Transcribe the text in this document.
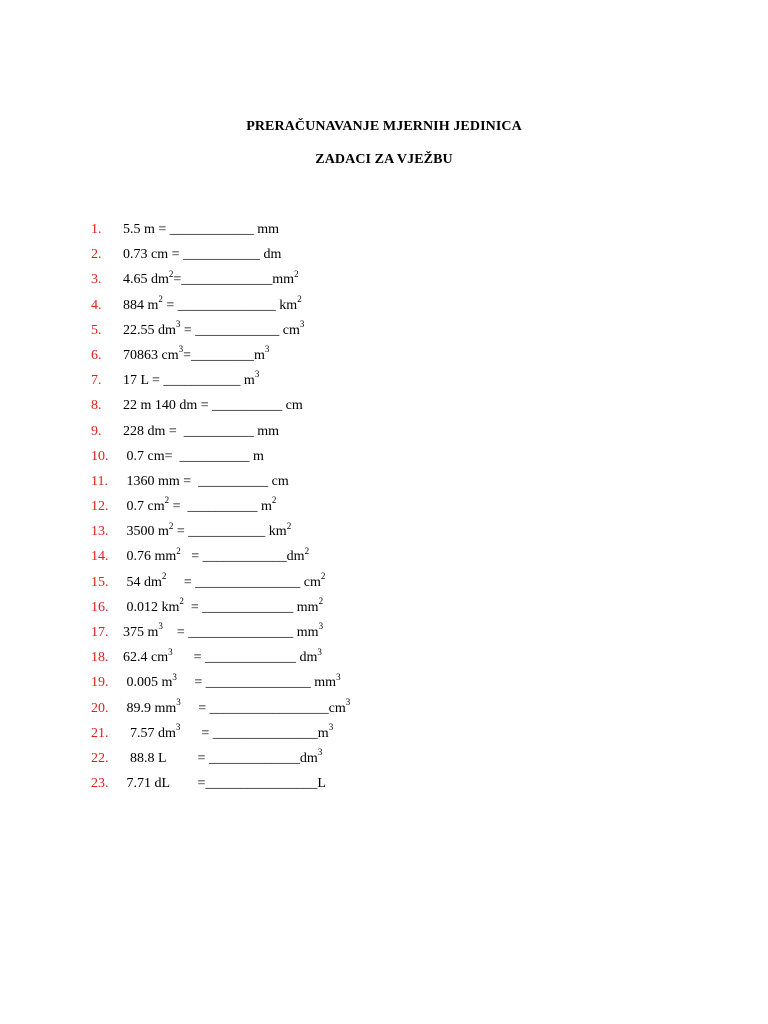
PRERAČUNAVANJE MJERNIH JEDINICA
ZADACI ZA VJEŽBU
1. 5.5 m = ____________ mm
2. 0.73 cm = ___________ dm
3. 4.65 $dm^2=\_\_\_\_\_\_\_\_\_\_\_\_\_mm^2$
4. 884 $m^2$ = ______________ $km^2$
5. 22.55 $dm^3$ = ____________ $cm^3$
6. 70863 $cm^3=\_\_\_\_\_\_\_\_\_m^3$
7. 17 L = ___________ $m^3$
8. 22 m 140 dm = __________ cm
9. 228 dm =  __________ mm
10. 0.7 cm=  __________ m
11. 1360 mm =  __________ cm
12. 0.7 $cm^2$ =  __________ $m^2$
13. 3500 $m^2$ = ___________ $km^2$
14. 0.76 $mm^2$   = $\_\_\_\_\_\_\_\_\_\_\_\_dm^2$
15. 54 $dm^2$     = _______________ $cm^2$
16. 0.012 $km^2$  = _____________ $mm^2$
17. 375 $m^3$    = _______________ $mm^3$
18. 62.4 $cm^3$      = _____________ $dm^3$
19. 0.005 $m^3$     = _______________ $mm^3$
20. 89.9 $mm^3$     = $\_\_\_\_\_\_\_\_\_\_\_\_\_\_\_\_\_cm^3$
21. 7.57 $dm^3$      = $\_\_\_\_\_\_\_\_\_\_\_\_\_\_\_m^3$
22. 88.8 L         = $\_\_\_\_\_\_\_\_\_\_\_\_\_dm^3$
23. 7.71 dL        =________________L
